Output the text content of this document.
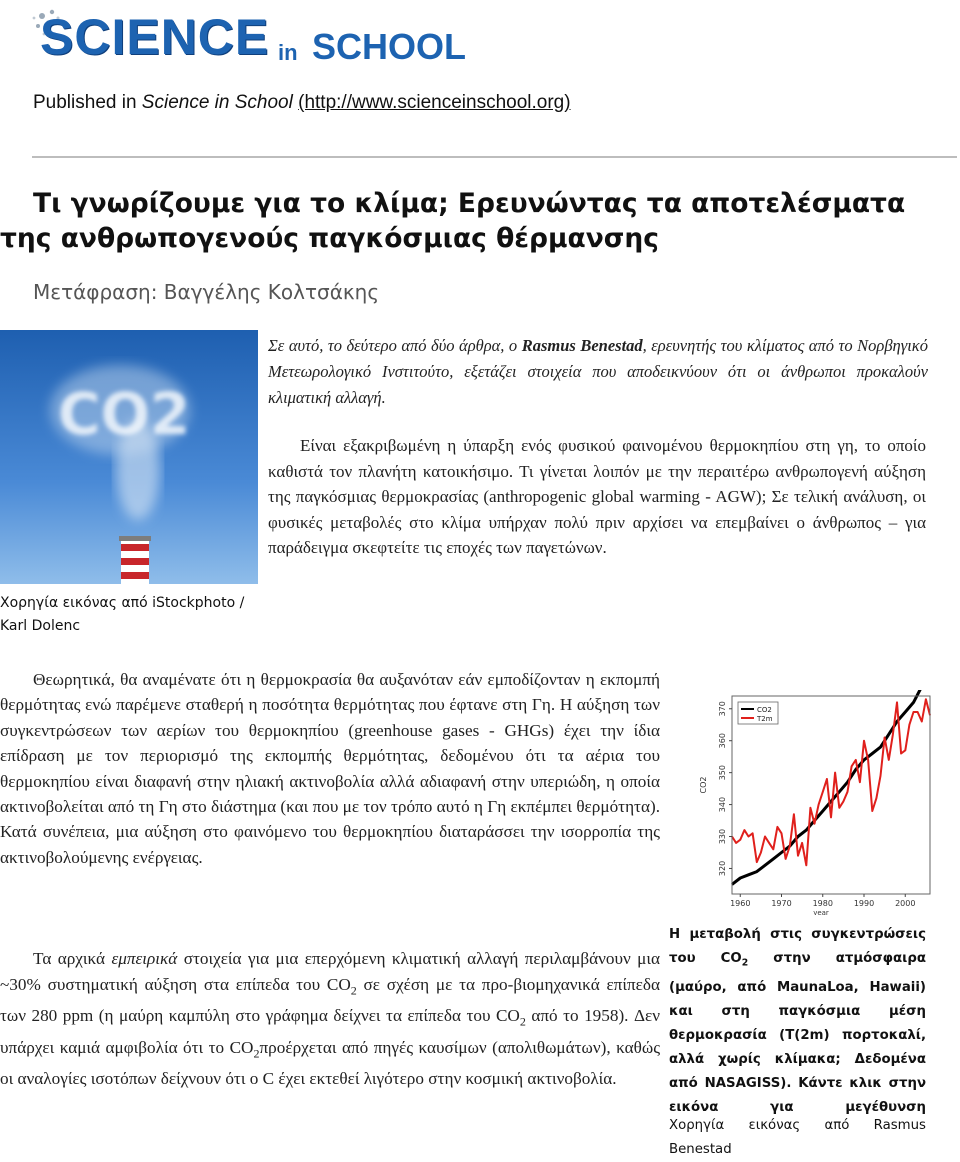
SCIENCE in SCHOOL
Published in Science in School (http://www.scienceinschool.org)
Τι γνωρίζουμε για το κλίμα; Ερευνώντας τα αποτελέσματα
της ανθρωπογενούς παγκόσμιας θέρμανσης
Μετάφραση: Βαγγέλης Κολτσάκης
CO2
Χορηγία εικόνας από iStockphoto / Karl Dolenc
Σε αυτό, το δεύτερο από δύο άρθρα, ο Rasmus Benestad, ερευνητής του κλίματος από το Νορβηγικό Μετεωρολογικό Ινστιτούτο, εξετάζει στοιχεία που αποδεικνύουν ότι οι άνθρωποι προκαλούν κλιματική αλλαγή.
Είναι εξακριβωμένη η ύπαρξη ενός φυσικού φαινομένου θερμοκηπίου στη γη, το οποίο καθιστά τον πλανήτη κατοικήσιμο. Τι γίνεται λοιπόν με την περαιτέρω ανθρωπογενή αύξηση της παγκόσμιας θερμοκρασίας (anthropogenic global warming - AGW); Σε τελική ανάλυση, οι φυσικές μεταβολές στο κλίμα υπήρχαν πολύ πριν αρχίσει να επεμβαίνει ο άνθρωπος – για παράδειγμα σκεφτείτε τις εποχές των παγετώνων.
Θεωρητικά, θα αναμένατε ότι η θερμοκρασία θα αυξανόταν εάν εμποδίζονταν η εκπομπή θερμότητας ενώ παρέμενε σταθερή η ποσότητα θερμότητας που έφτανε στη Γη. Η αύξηση των συγκεντρώσεων των αερίων του θερμοκηπίου (greenhouse gases - GHGs) έχει την ίδια επίδραση με τον περιορισμό της εκπομπής θερμότητας, δεδομένου ότι τα αέρια του θερμοκηπίου είναι διαφανή στην ηλιακή ακτινοβολία αλλά αδιαφανή στην υπεριώδη, η οποία ακτινοβολείται από τη Γη στο διάστημα (και που με τον τρόπο αυτό η Γη εκπέμπει θερμότητα). Κατά συνέπεια, μια αύξηση στο φαινόμενο του θερμοκηπίου διαταράσσει την ισορροπία της ακτινοβολούμενης ενέργειας.
Τα αρχικά εμπειρικά στοιχεία για μια επερχόμενη κλιματική αλλαγή περιλαμβάνουν μια ~30% συστηματική αύξηση στα επίπεδα του $CO_2$ σε σχέση με τα προ-βιομηχανικά επίπεδα των 280 ppm (η μαύρη καμπύλη στο γράφημα δείχνει τα επίπεδα του $CO_2$ από το 1958). Δεν υπάρχει καμιά αμφιβολία ότι το $CO_2\pi\rho oέ\rho\chi\varepsilon\tau\alpha\iota$ από πηγές καυσίμων (απολιθωμάτων), καθώς οι αναλογίες ισοτόπων δείχνουν ότι ο C έχει εκτεθεί λιγότερο στην κοσμική ακτινοβολία.
320
330
340
350
360
370
1960	1970	1980	1990	2000
year
CO2
CO2
T2m
Η μεταβολή στις συγκεντρώσεις του $CO_2$ στην ατμόσφαιρα (μαύρο, από MaunaLoa, Hawaii) και στη παγκόσμια μέση θερμοκρασία (T(2m) πορτοκαλί, αλλά χωρίς κλίμακα; Δεδομένα από NASAGISS). Κάντε κλικ στην εικόνα για μεγέθυνση
Χορηγία εικόνας από Rasmus Benestad
